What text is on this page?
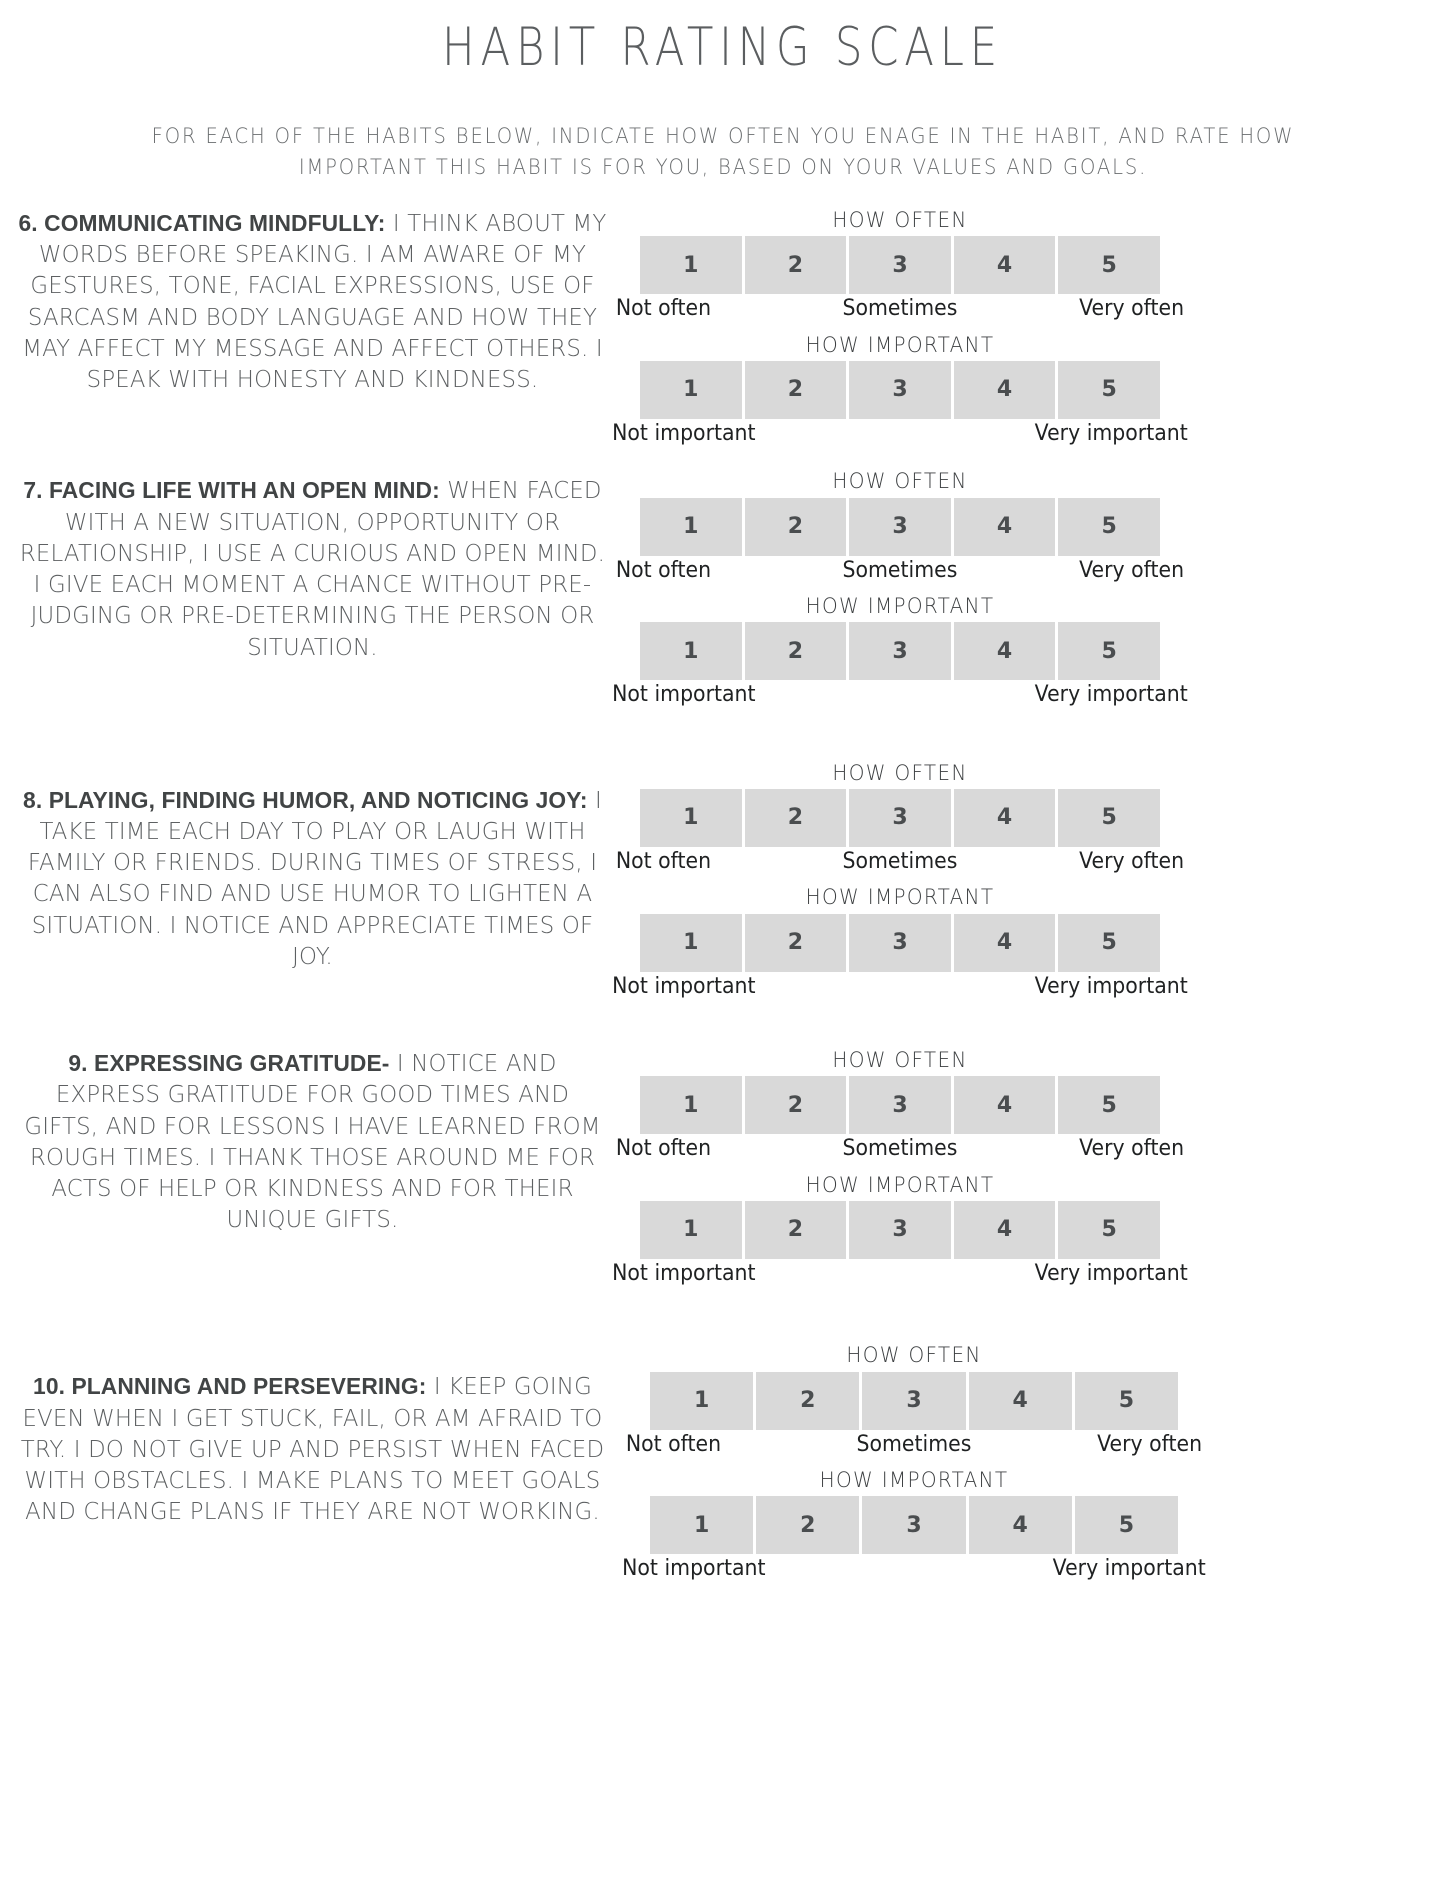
HABIT RATING SCALE

FOR EACH OF THE HABITS BELOW, INDICATE HOW OFTEN YOU ENAGE IN THE HABIT, AND RATE HOW IMPORTANT THIS HABIT IS FOR YOU, BASED ON YOUR VALUES AND GOALS.

6. COMMUNICATING MINDFULLY: I THINK ABOUT MY WORDS BEFORE SPEAKING. I AM AWARE OF MY GESTURES, TONE, FACIAL EXPRESSIONS, USE OF SARCASM AND BODY LANGUAGE AND HOW THEY MAY AFFECT MY MESSAGE AND AFFECT OTHERS. I SPEAK WITH HONESTY AND KINDNESS.
HOW OFTEN
1	2	3	4	5
Not often	Sometimes	Very often
HOW IMPORTANT
1	2	3	4	5
Not important	Very important
7. FACING LIFE WITH AN OPEN MIND: WHEN FACED WITH A NEW SITUATION, OPPORTUNITY OR RELATIONSHIP, I USE A CURIOUS AND OPEN MIND. I GIVE EACH MOMENT A CHANCE WITHOUT PRE-JUDGING OR PRE-DETERMINING THE PERSON OR SITUATION.
HOW OFTEN
1	2	3	4	5
Not often	Sometimes	Very often
HOW IMPORTANT
1	2	3	4	5
Not important	Very important
8. PLAYING, FINDING HUMOR, AND NOTICING JOY: I TAKE TIME EACH DAY TO PLAY OR LAUGH WITH FAMILY OR FRIENDS. DURING TIMES OF STRESS, I CAN ALSO FIND AND USE HUMOR TO LIGHTEN A SITUATION. I NOTICE AND APPRECIATE TIMES OF JOY.
HOW OFTEN
1	2	3	4	5
Not often	Sometimes	Very often
HOW IMPORTANT
1	2	3	4	5
Not important	Very important
9. EXPRESSING GRATITUDE- I NOTICE AND EXPRESS GRATITUDE FOR GOOD TIMES AND GIFTS, AND FOR LESSONS I HAVE LEARNED FROM ROUGH TIMES. I THANK THOSE AROUND ME FOR ACTS OF HELP OR KINDNESS AND FOR THEIR UNIQUE GIFTS.
HOW OFTEN
1	2	3	4	5
Not often	Sometimes	Very often
HOW IMPORTANT
1	2	3	4	5
Not important	Very important
10. PLANNING AND PERSEVERING: I KEEP GOING EVEN WHEN I GET STUCK, FAIL, OR AM AFRAID TO TRY. I DO NOT GIVE UP AND PERSIST WHEN FACED WITH OBSTACLES. I MAKE PLANS TO MEET GOALS AND CHANGE PLANS IF THEY ARE NOT WORKING.
HOW OFTEN
1	2	3	4	5
Not often	Sometimes	Very often
HOW IMPORTANT
1	2	3	4	5
Not important	Very important
